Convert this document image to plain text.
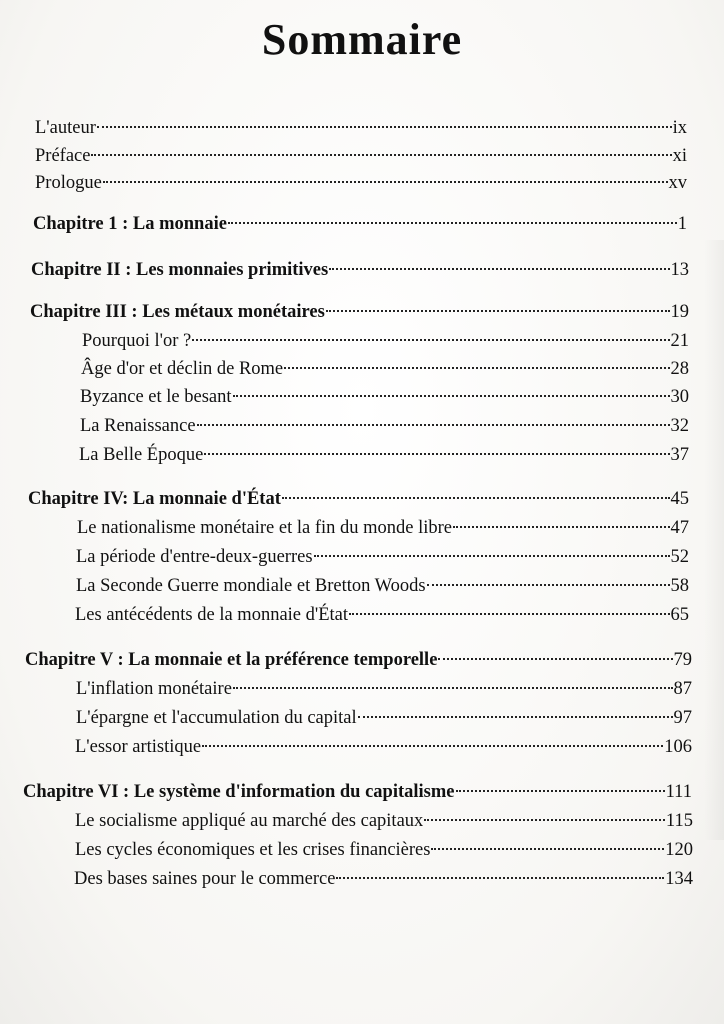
Sommaire
L'auteur	ix
Préface	xi
Prologue	xv
Chapitre 1 : La monnaie	1
Chapitre II : Les monnaies primitives	13
Chapitre III : Les métaux monétaires	19
Pourquoi l'or ?	21
Âge d'or et déclin de Rome	28
Byzance et le besant	30
La Renaissance	32
La Belle Époque	37
Chapitre IV: La monnaie d'État	45
Le nationalisme monétaire et la fin du monde libre	47
La période d'entre-deux-guerres	52
La Seconde Guerre mondiale et Bretton Woods	58
Les antécédents de la monnaie d'État	65
Chapitre V : La monnaie et la préférence temporelle	79
L'inflation monétaire	87
L'épargne et l'accumulation du capital	97
L'essor artistique	106
Chapitre VI : Le système d'information du capitalisme	111
Le socialisme appliqué au marché des capitaux	115
Les cycles économiques et les crises financières	120
Des bases saines pour le commerce	134
